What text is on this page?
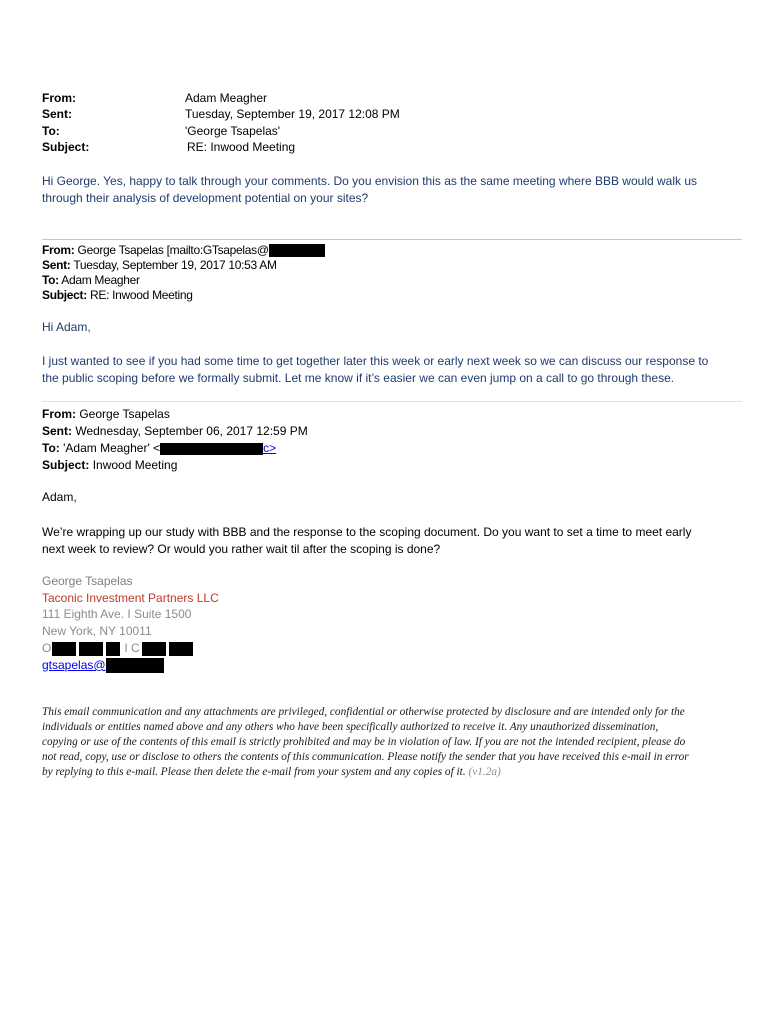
From:	Adam Meagher
Sent:	Tuesday, September 19, 2017 12:08 PM
To:	'George Tsapelas'
Subject:	RE: Inwood Meeting
Hi George. Yes, happy to talk through your comments. Do you envision this as the same meeting where BBB would walk us
through their analysis of development potential on your sites?
From: George Tsapelas [mailto:GTsapelas@
Sent: Tuesday, September 19, 2017 10:53 AM
To: Adam Meagher
Subject: RE: Inwood Meeting
Hi Adam,
I just wanted to see if you had some time to get together later this week or early next week so we can discuss our response to
the public scoping before we formally submit. Let me know if it’s easier we can even jump on a call to go through these.
From: George Tsapelas
Sent: Wednesday, September 06, 2017 12:59 PM
To: 'Adam Meagher' <	c>
Subject: Inwood Meeting
Adam,
We’re wrapping up our study with BBB and the response to the scoping document. Do you want to set a time to meet early
next week to review? Or would you rather wait til after the scoping is done?
George Tsapelas
Taconic Investment Partners LLC
111 Eighth Ave. I Suite 1500
New York, NY 10011
O	I C
gtsapelas@
This email communication and any attachments are privileged, confidential or otherwise protected by disclosure and are intended only for the
individuals or entities named above and any others who have been specifically authorized to receive it. Any unauthorized dissemination,
copying or use of the contents of this email is strictly prohibited and may be in violation of law. If you are not the intended recipient, please do
not read, copy, use or disclose to others the contents of this communication. Please notify the sender that you have received this e-mail in error
by replying to this e-mail. Please then delete the e-mail from your system and any copies of it. (v1.2a)
